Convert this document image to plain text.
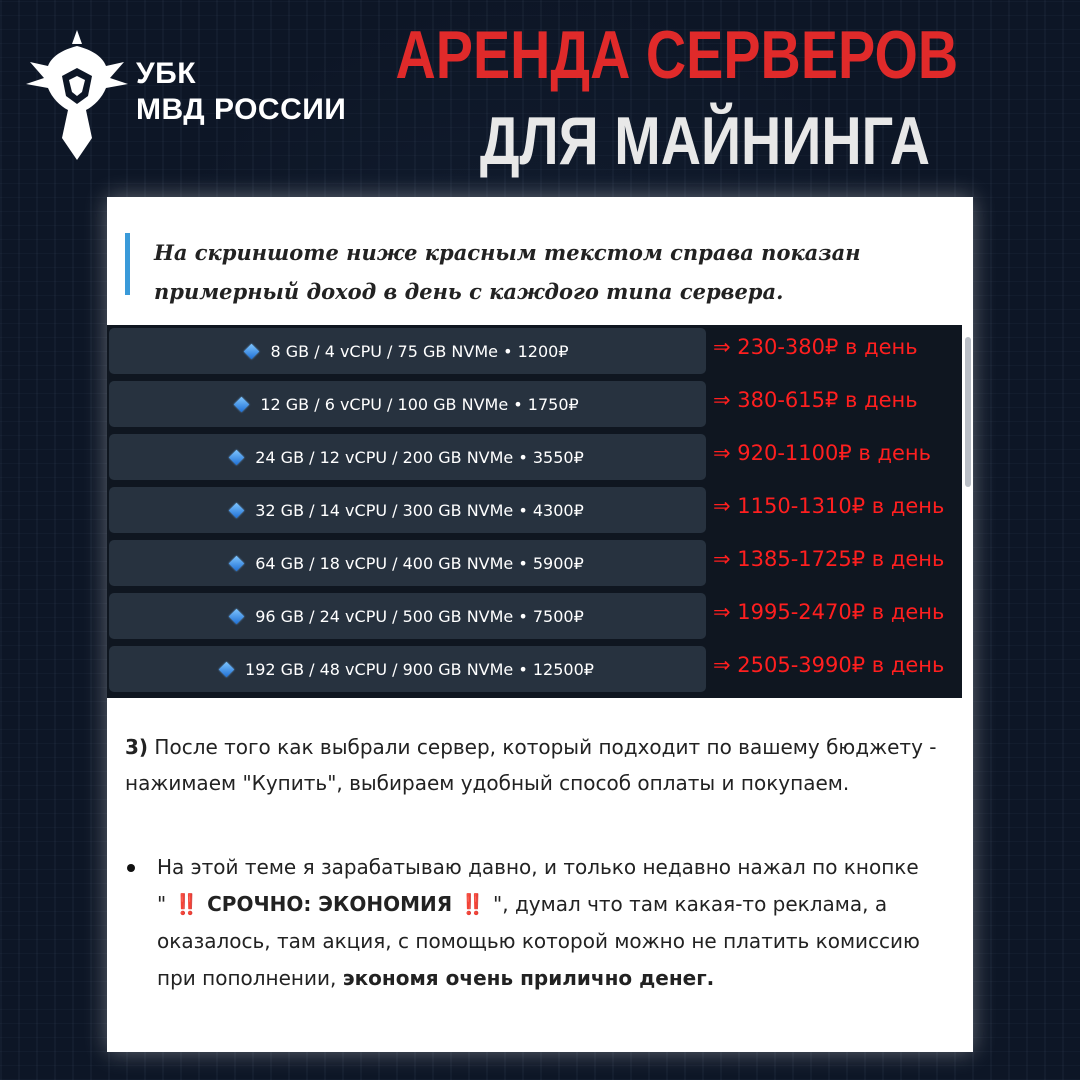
УБК
МВД РОССИИ
АРЕНДА СЕРВЕРОВ
ДЛЯ МАЙНИНГА
На скриншоте ниже красным текстом справа показан примерный доход в день с каждого типа сервера.
8 GB / 4 vCPU / 75 GB NVMe • 1200₽	⇒ 230-380₽ в день
12 GB / 6 vCPU / 100 GB NVMe • 1750₽	⇒ 380-615₽ в день
24 GB / 12 vCPU / 200 GB NVMe • 3550₽	⇒ 920-1100₽ в день
32 GB / 14 vCPU / 300 GB NVMe • 4300₽	⇒ 1150-1310₽ в день
64 GB / 18 vCPU / 400 GB NVMe • 5900₽	⇒ 1385-1725₽ в день
96 GB / 24 vCPU / 500 GB NVMe • 7500₽	⇒ 1995-2470₽ в день
192 GB / 48 vCPU / 900 GB NVMe • 12500₽	⇒ 2505-3990₽ в день
3) После того как выбрали сервер, который подходит по вашему бюджету - нажимаем "Купить", выбираем удобный способ оплаты и покупаем.
На этой теме я зарабатываю давно, и только недавно нажал по кнопке " ‼️ СРОЧНО: ЭКОНОМИЯ ‼️ ", думал что там какая-то реклама, а оказалось, там акция, с помощью которой можно не платить комиссию при пополнении, экономя очень прилично денег.
